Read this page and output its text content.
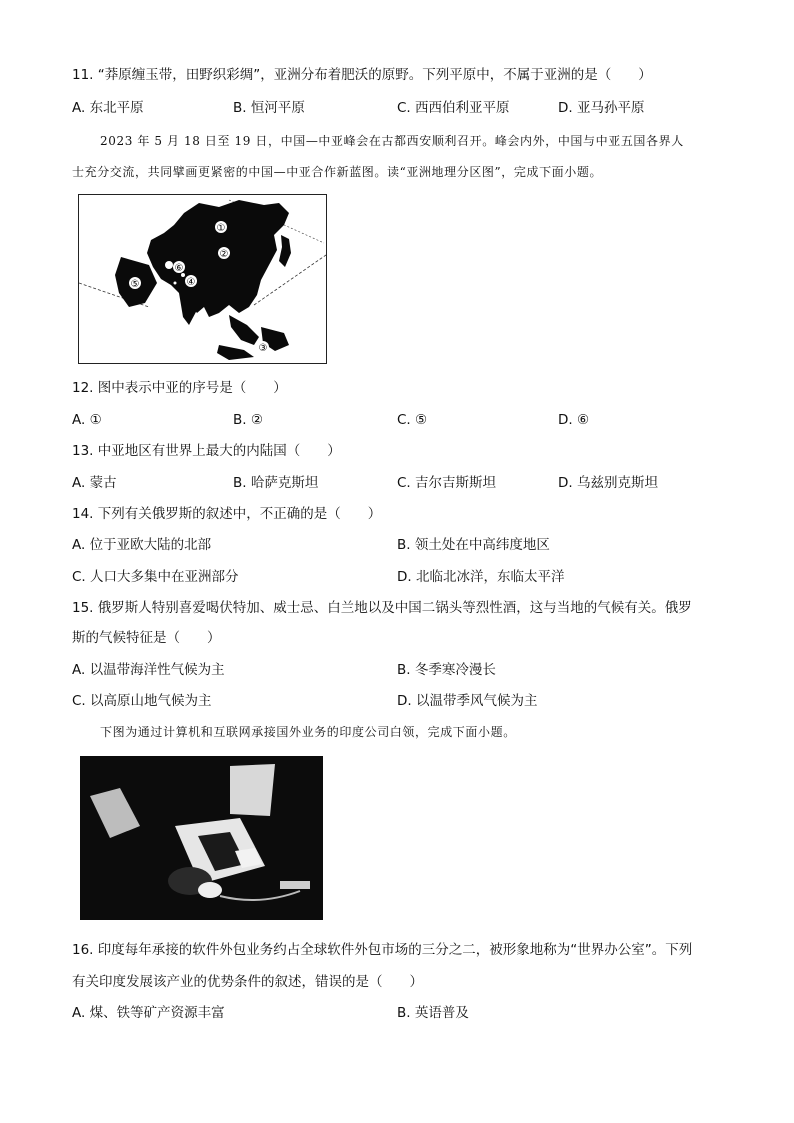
11. “莽原缠玉带，田野织彩绸”，亚洲分布着肥沃的原野。下列平原中，不属于亚洲的是（　　）
A. 东北平原	B. 恒河平原	C. 西西伯利亚平原	D. 亚马孙平原
2023 年 5 月 18 日至 19 日，中国—中亚峰会在古都西安顺利召开。峰会内外，中国与中亚五国各界人
士充分交流，共同擘画更紧密的中国—中亚合作新蓝图。读“亚洲地理分区图”，完成下面小题。
①
②
③
④
⑤
⑥
12. 图中表示中亚的序号是（　　）
A. ①	B. ②	C. ⑤	D. ⑥
13. 中亚地区有世界上最大的内陆国（　　）
A. 蒙古	B. 哈萨克斯坦	C. 吉尔吉斯斯坦	D. 乌兹别克斯坦
14. 下列有关俄罗斯的叙述中，不正确的是（　　）
A. 位于亚欧大陆的北部	B. 领土处在中高纬度地区
C. 人口大多集中在亚洲部分	D. 北临北冰洋，东临太平洋
15. 俄罗斯人特别喜爱喝伏特加、威士忌、白兰地以及中国二锅头等烈性酒，这与当地的气候有关。俄罗
斯的气候特征是（　　）
A. 以温带海洋性气候为主	B. 冬季寒冷漫长
C. 以高原山地气候为主	D. 以温带季风气候为主
下图为通过计算机和互联网承接国外业务的印度公司白领，完成下面小题。
16. 印度每年承接的软件外包业务约占全球软件外包市场的三分之二，被形象地称为“世界办公室”。下列
有关印度发展该产业的优势条件的叙述，错误的是（　　）
A. 煤、铁等矿产资源丰富	B. 英语普及
